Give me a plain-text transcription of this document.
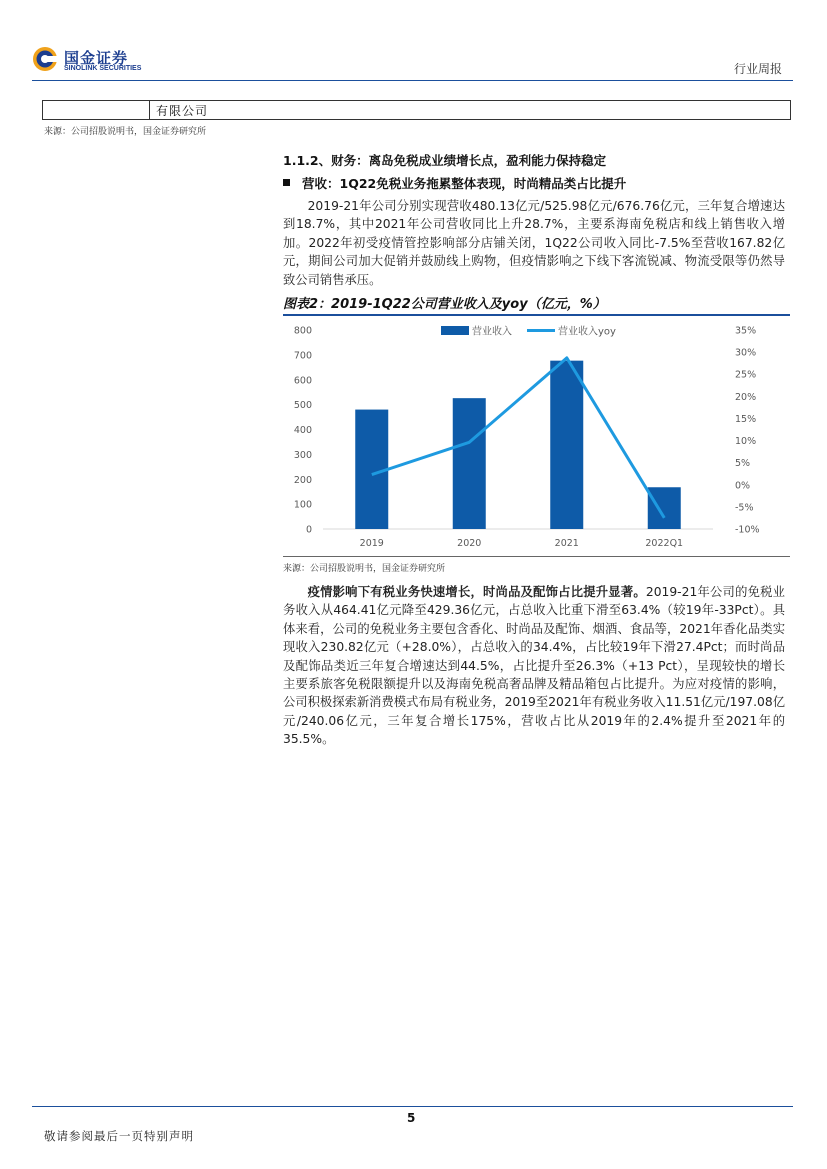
国金证券
SINOLINK SECURITIES	行业周报
有限公司
来源：公司招股说明书，国金证券研究所
1.1.2、财务：离岛免税成业绩增长点，盈利能力保持稳定
营收：1Q22免税业务拖累整体表现，时尚精品类占比提升

2019-21年公司分别实现营收480.13亿元/525.98亿元/676.76亿元，三年复合增速达到18.7%，其中2021年公司营收同比上升28.7%，主要系海南免税店和线上销售收入增加。2022年初受疫情管控影响部分店铺关闭，1Q22公司收入同比-7.5%至营收167.82亿元，期间公司加大促销并鼓励线上购物，但疫情影响之下线下客流锐减、物流受限等仍然导致公司销售承压。

图表2：2019-1Q22公司营业收入及yoy（亿元，%）
0
100
200
300
400
500
600
700
800
-10%
-5%
0%
5%
10%
15%
20%
25%
30%
35%
2019	2020	2021	2022Q1
营业收入	营业收入yoy
来源：公司招股说明书，国金证券研究所

疫情影响下有税业务快速增长，时尚品及配饰占比提升显著。2019-21年公司的免税业务收入从464.41亿元降至429.36亿元，占总收入比重下滑至63.4%（较19年-33Pct）。具体来看，公司的免税业务主要包含香化、时尚品及配饰、烟酒、食品等，2021年香化品类实现收入230.82亿元（+28.0%），占总收入的34.4%，占比较19年下滑27.4Pct；而时尚品及配饰品类近三年复合增速达到44.5%，占比提升至26.3%（+13 Pct），呈现较快的增长主要系旅客免税限额提升以及海南免税高奢品牌及精品箱包占比提升。为应对疫情的影响，公司积极探索新消费模式布局有税业务，2019至2021年有税业务收入11.51亿元/197.08亿元/240.06亿元，三年复合增长175%，营收占比从2019年的2.4%提升至2021年的35.5%。

5
敬请参阅最后一页特别声明
